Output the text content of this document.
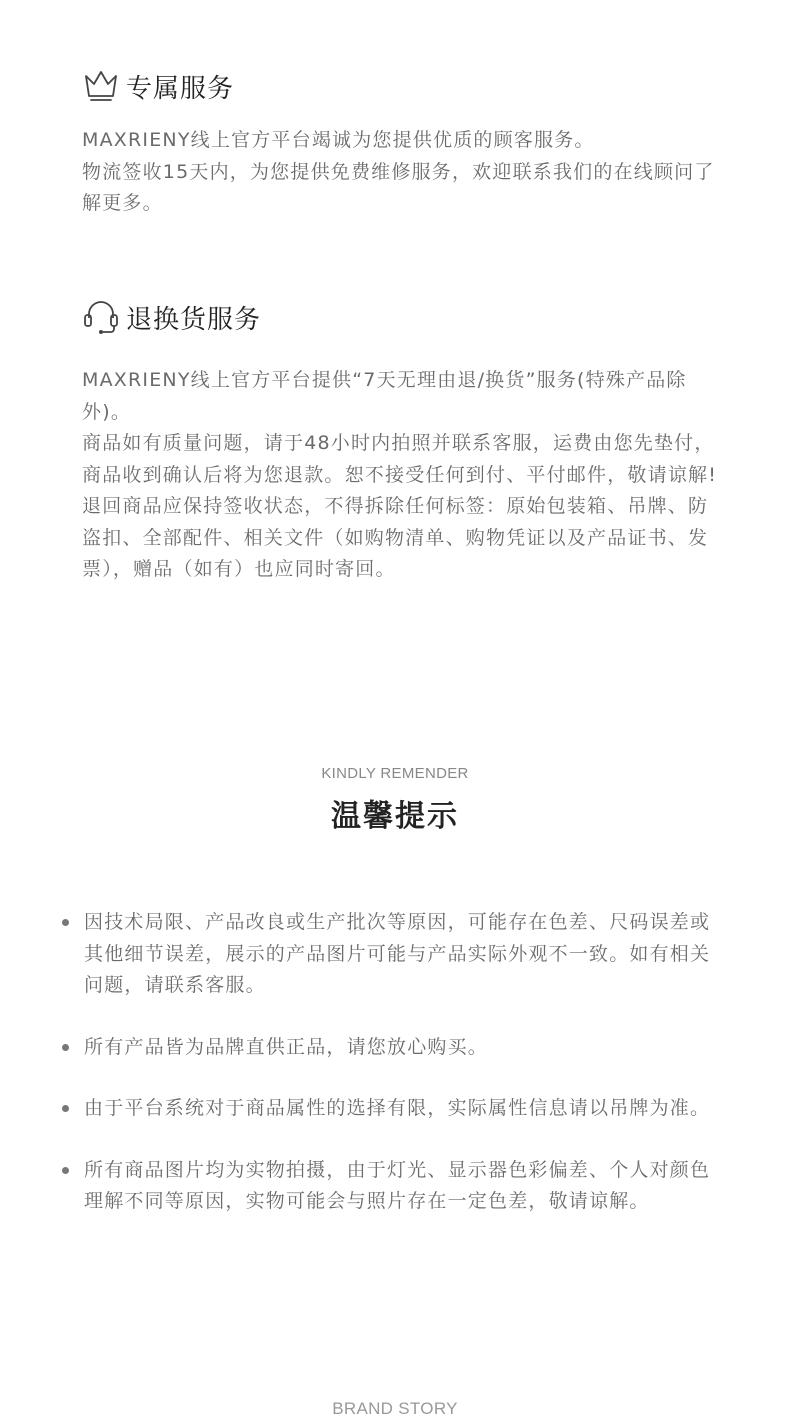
专属服务

MAXRIENY线上官方平台竭诚为您提供优质的顾客服务。

物流签收15天内，为您提供免费维修服务，欢迎联系我们的在线顾问了解更多。

退换货服务

MAXRIENY线上官方平台提供“7天无理由退/换货”服务(特殊产品除外)。

商品如有质量问题，请于48小时内拍照并联系客服，运费由您先垫付，商品收到确认后将为您退款。恕不接受任何到付、平付邮件，敬请谅解!

退回商品应保持签收状态，不得拆除任何标签：原始包装箱、吊牌、防盗扣、全部配件、相关文件（如购物清单、购物凭证以及产品证书、发票），赠品（如有）也应同时寄回。

KINDLY REMENDER
温馨提示

因技术局限、产品改良或生产批次等原因，可能存在色差、尺码误差或其他细节误差，展示的产品图片可能与产品实际外观不一致。如有相关问题，请联系客服。

所有产品皆为品牌直供正品，请您放心购买。

由于平台系统对于商品属性的选择有限，实际属性信息请以吊牌为准。

所有商品图片均为实物拍摄，由于灯光、显示器色彩偏差、个人对颜色理解不同等原因，实物可能会与照片存在一定色差，敬请谅解。

BRAND STORY
